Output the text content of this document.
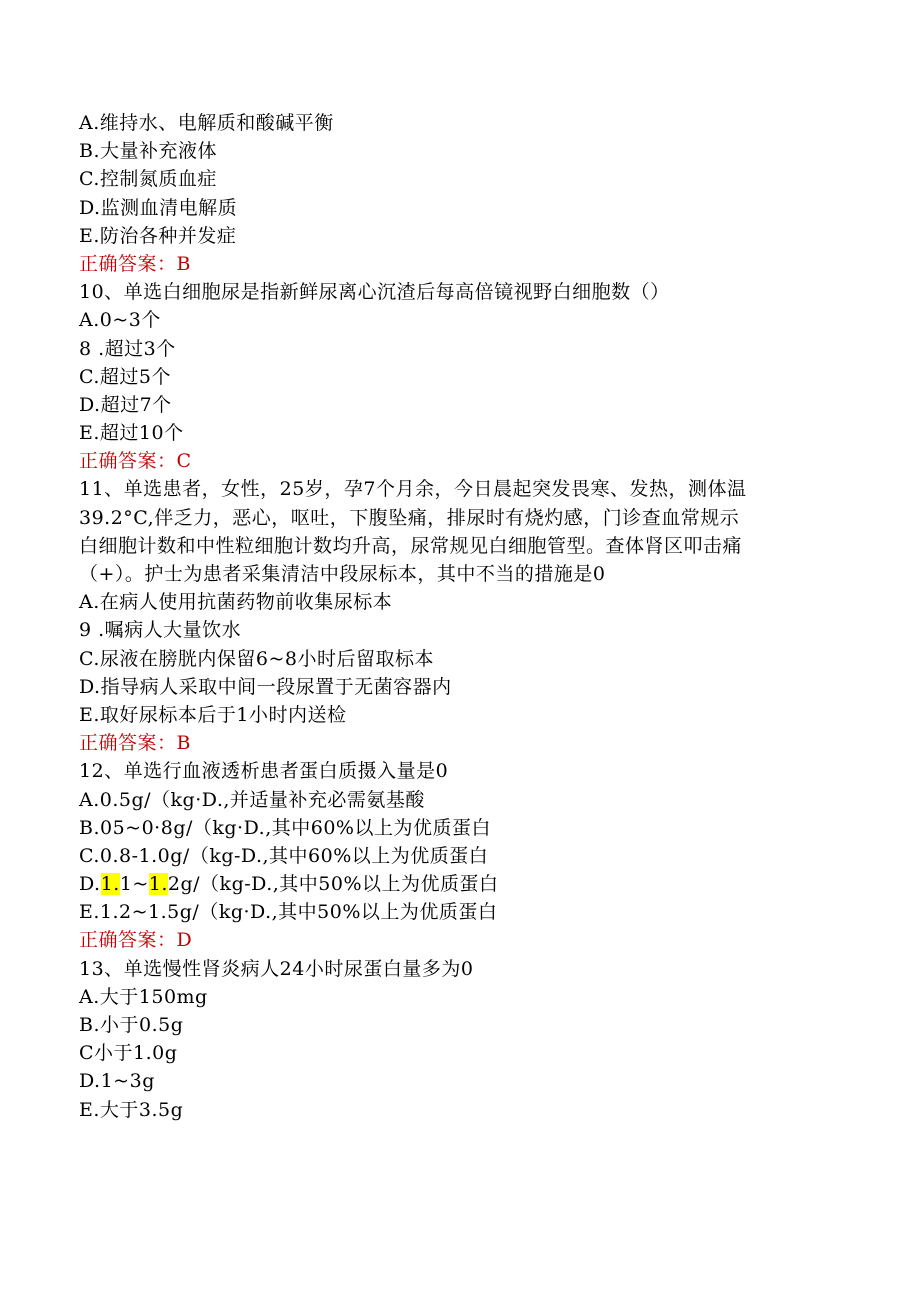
A.维持水、电解质和酸碱平衡
B.大量补充液体
C.控制氮质血症
D.监测血清电解质
E.防治各种并发症
正确答案：B
10、单选白细胞尿是指新鲜尿离心沉渣后每高倍镜视野白细胞数（）
A.0~3个
8 .超过3个
C.超过5个
D.超过7个
E.超过10个
正确答案：C
11、单选患者，女性，25岁，孕7个月余，今日晨起突发畏寒、发热，测体温
39.2°C,伴乏力，恶心，呕吐，下腹坠痛，排尿时有烧灼感，门诊查血常规示
白细胞计数和中性粒细胞计数均升高，尿常规见白细胞管型。查体肾区叩击痛
（+）。护士为患者采集清洁中段尿标本，其中不当的措施是0
A.在病人使用抗菌药物前收集尿标本
9 .嘱病人大量饮水
C.尿液在膀胱内保留6~8小时后留取标本
D.指导病人采取中间一段尿置于无菌容器内
E.取好尿标本后于1小时内送检
正确答案：B
12、单选行血液透析患者蛋白质摄入量是0
A.0.5g/（kg·D.,并适量补充必需氨基酸
B.05~0·8g/（kg·D.,其中60%以上为优质蛋白
C.0.8-1.0g/（kg-D.,其中60%以上为优质蛋白
D.1.1~1.2g/（kg-D.,其中50%以上为优质蛋白
E.1.2~1.5g/（kg·D.,其中50%以上为优质蛋白
正确答案：D
13、单选慢性肾炎病人24小时尿蛋白量多为0
A.大于150mg
B.小于0.5g
C小于1.0g
D.1~3g
E.大于3.5g
